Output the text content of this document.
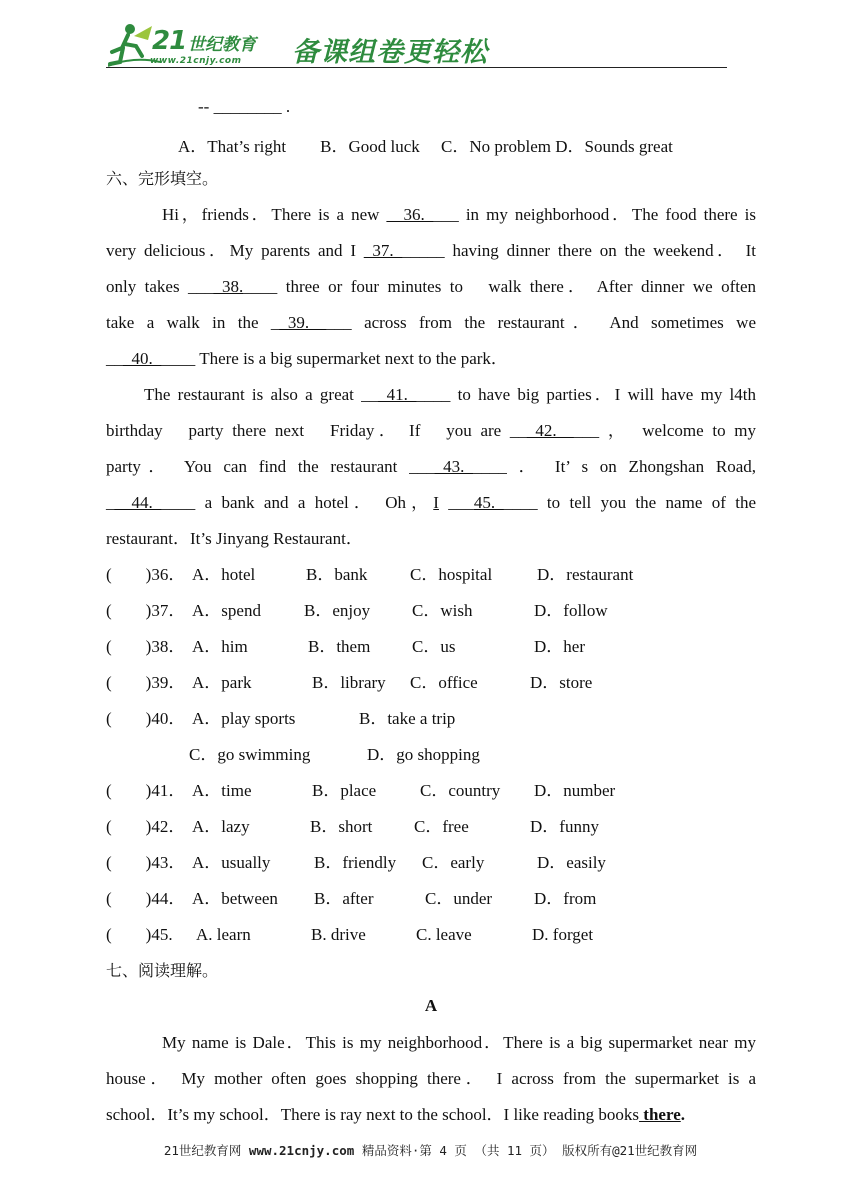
21 世纪教育
www.21cnjy.com 备课组卷更轻松
-- ________ .
A．That’s right　　B．Good luck　 C．No problem D．Sounds great
六、完形填空。
Hi，friends．There is a new __36.____ in my neighborhood．The food there is
very delicious．My parents and I _37.______ having dinner there on the weekend． It
only takes ____38.____ three or four minutes to　walk there． After dinner we often
take a walk in the __39._____ across from the restaurant． And sometimes we
___40._____ There is a big supermarket next to the park．
The restaurant is also a great ___41._____ to have big parties．I will have my l4th
birthday　party there next　Friday． If　you are ___42._____ ，　welcome to my
party． You can find the restaurant ____43._____ ． It’ s on Zhongshan Road,
___44._____ a bank and a hotel． Oh，I ___45._____ to tell you the name of the
restaurant．It’s Jinyang Restaurant．
(　　)36． A．hotel	B．bank	C．hospital	D．restaurant
(　　)37． A．spend	B．enjoy C．wish	D．follow
(　　)38． A．him	B．them C．us	D．her
(　　)39． A．park	B．library C．office	D．store
(　　)40． A．play sports	B．take a trip
C．go swimming	D．go shopping
(　　)41． A．time	B．place	C．country D．number
(　　)42． A．lazy	B．short C．free	D．funny
(　　)43． A．usually	B．friendly C．early	D．easily
(　　)44． A．between B．after	C．under D．from
(　　)45. A. learn	B. drive	C. leave	D. forget
七、阅读理解。
A
My name is Dale．This is my neighborhood．There is a big supermarket near my
house． My mother often goes shopping there． I across from the supermarket is a
school．It’s my school．There is ray next to the school．I like reading books there.
21世纪教育网 www.21cnjy.com 精品资料·第 4 页 （共 11 页） 版权所有@21世纪教育网
